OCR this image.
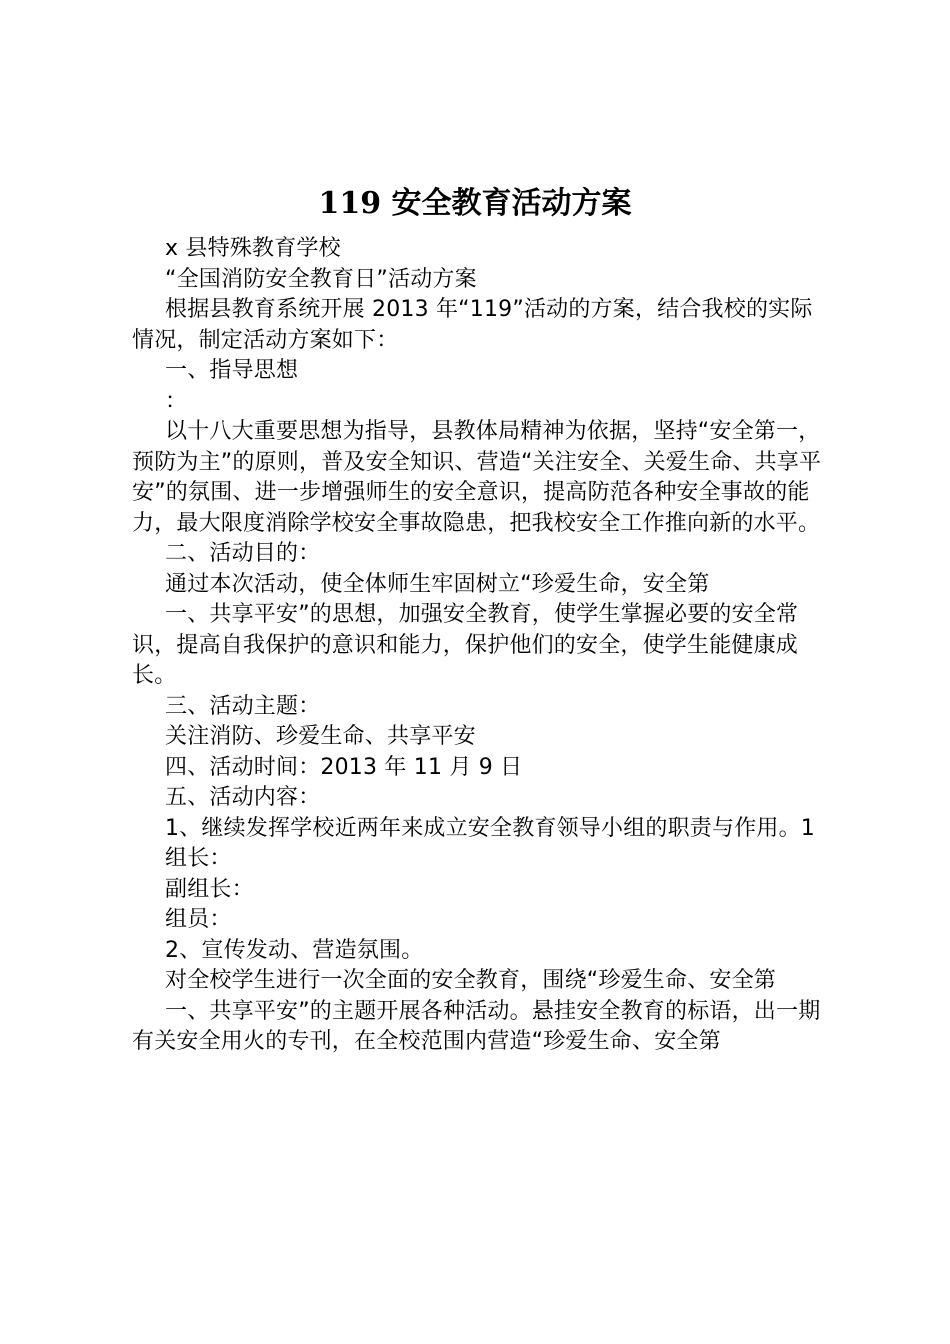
119 安全教育活动方案

x 县特殊教育学校

“全国消防安全教育日”活动方案

根据县教育系统开展 2013 年“119”活动的方案，结合我校的实际情况，制定活动方案如下：

一、指导思想

：

以十八大重要思想为指导，县教体局精神为依据，坚持“安全第一，预防为主”的原则，普及安全知识、营造“关注安全、关爱生命、共享平安”的氛围、进一步增强师生的安全意识，提高防范各种安全事故的能力，最大限度消除学校安全事故隐患，把我校安全工作推向新的水平。

二、活动目的：

通过本次活动，使全体师生牢固树立“珍爱生命，安全第

一、共享平安”的思想，加强安全教育，使学生掌握必要的安全常识，提高自我保护的意识和能力，保护他们的安全，使学生能健康成长。

三、活动主题：

关注消防、珍爱生命、共享平安

四、活动时间：2013 年 11 月 9 日

五、活动内容：

1、继续发挥学校近两年来成立安全教育领导小组的职责与作用。1

组长：

副组长：

组员：

2、宣传发动、营造氛围。

对全校学生进行一次全面的安全教育，围绕“珍爱生命、安全第

一、共享平安”的主题开展各种活动。悬挂安全教育的标语，出一期有关安全用火的专刊，在全校范围内营造“珍爱生命、安全第
